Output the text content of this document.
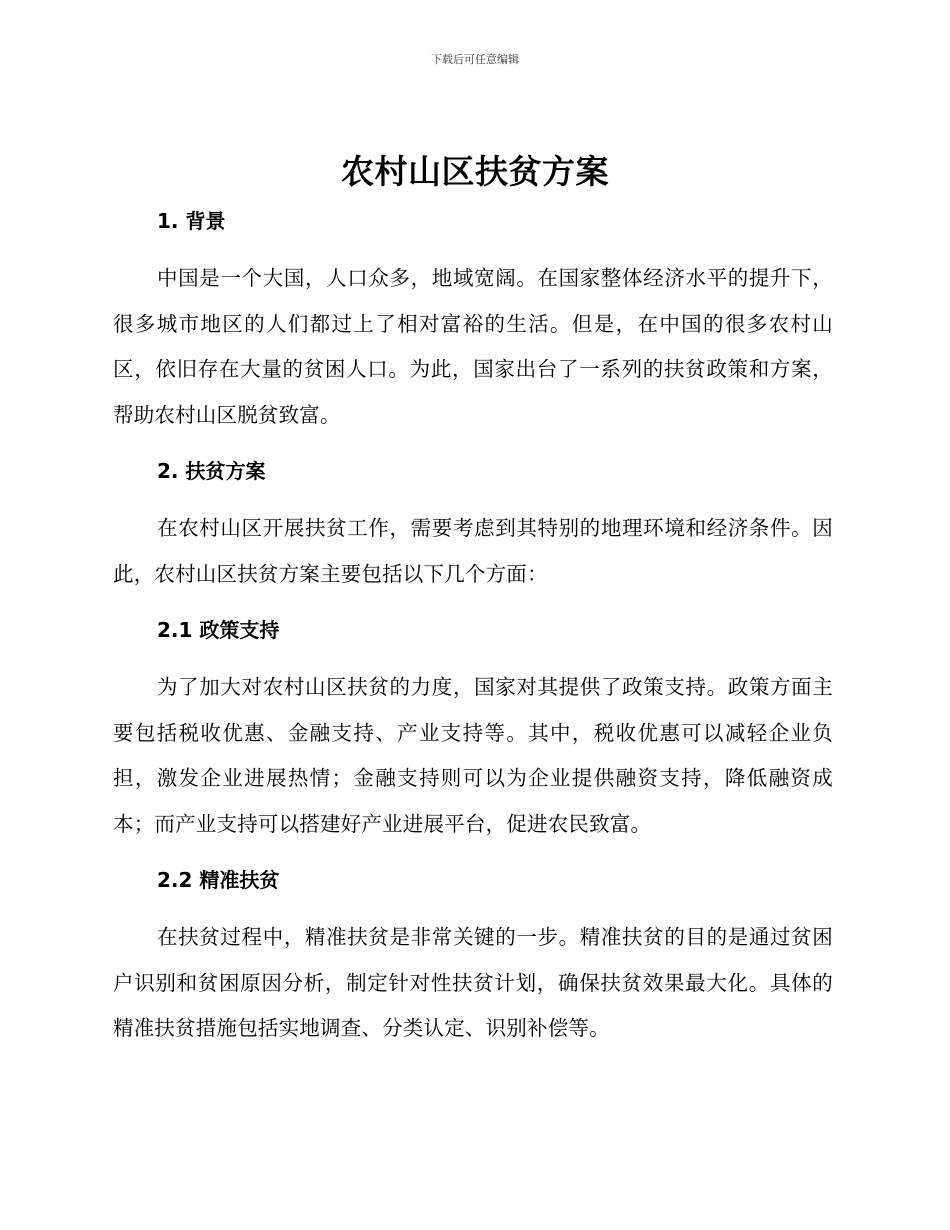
下载后可任意编辑
农村山区扶贫方案
1. 背景

中国是一个大国，人口众多，地域宽阔。在国家整体经济水平的提升下，很多城市地区的人们都过上了相对富裕的生活。但是，在中国的很多农村山区，依旧存在大量的贫困人口。为此，国家出台了一系列的扶贫政策和方案，帮助农村山区脱贫致富。

2. 扶贫方案

在农村山区开展扶贫工作，需要考虑到其特别的地理环境和经济条件。因此，农村山区扶贫方案主要包括以下几个方面：

2.1 政策支持

为了加大对农村山区扶贫的力度，国家对其提供了政策支持。政策方面主要包括税收优惠、金融支持、产业支持等。其中，税收优惠可以减轻企业负担，激发企业进展热情；金融支持则可以为企业提供融资支持，降低融资成本；而产业支持可以搭建好产业进展平台，促进农民致富。

2.2 精准扶贫

在扶贫过程中，精准扶贫是非常关键的一步。精准扶贫的目的是通过贫困户识别和贫困原因分析，制定针对性扶贫计划，确保扶贫效果最大化。具体的精准扶贫措施包括实地调查、分类认定、识别补偿等。
